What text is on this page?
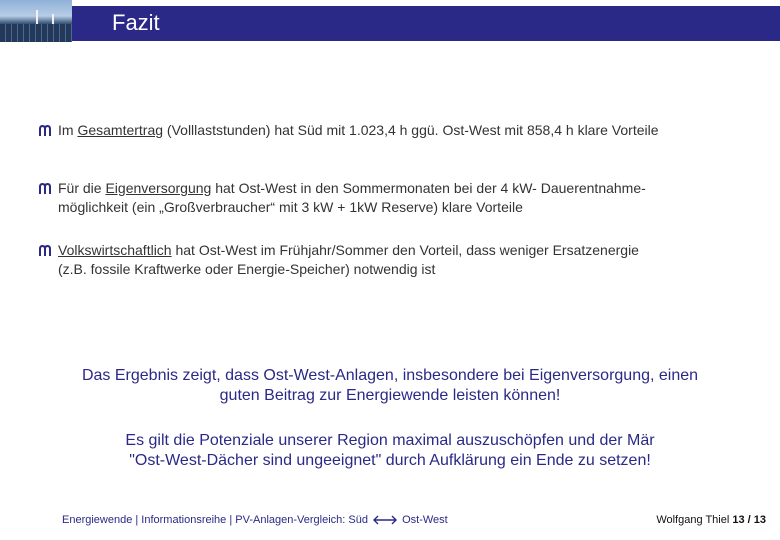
Fazit
Im Gesamtertrag (Volllaststunden) hat Süd mit 1.023,4 h ggü. Ost-West mit 858,4 h klare Vorteile
Für die Eigenversorgung hat Ost-West in den Sommermonaten bei der 4 kW- Dauerentnahme-
möglichkeit (ein „Großverbraucher“ mit 3 kW + 1kW Reserve) klare Vorteile
Volkswirtschaftlich hat Ost-West im Frühjahr/Sommer den Vorteil, dass weniger Ersatzenergie
(z.B. fossile Kraftwerke oder Energie-Speicher) notwendig ist
Das Ergebnis zeigt, dass Ost-West-Anlagen, insbesondere bei Eigenversorgung, einen
guten Beitrag zur Energiewende leisten können!
Es gilt die Potenziale unserer Region maximal auszuschöpfen und der Mär
"Ost-West-Dächer sind ungeeignet" durch Aufklärung ein Ende zu setzen!
Energiewende | Informationsreihe | PV-Anlagen-Vergleich: Süd	Ost-West	Wolfgang Thiel 13 / 13
